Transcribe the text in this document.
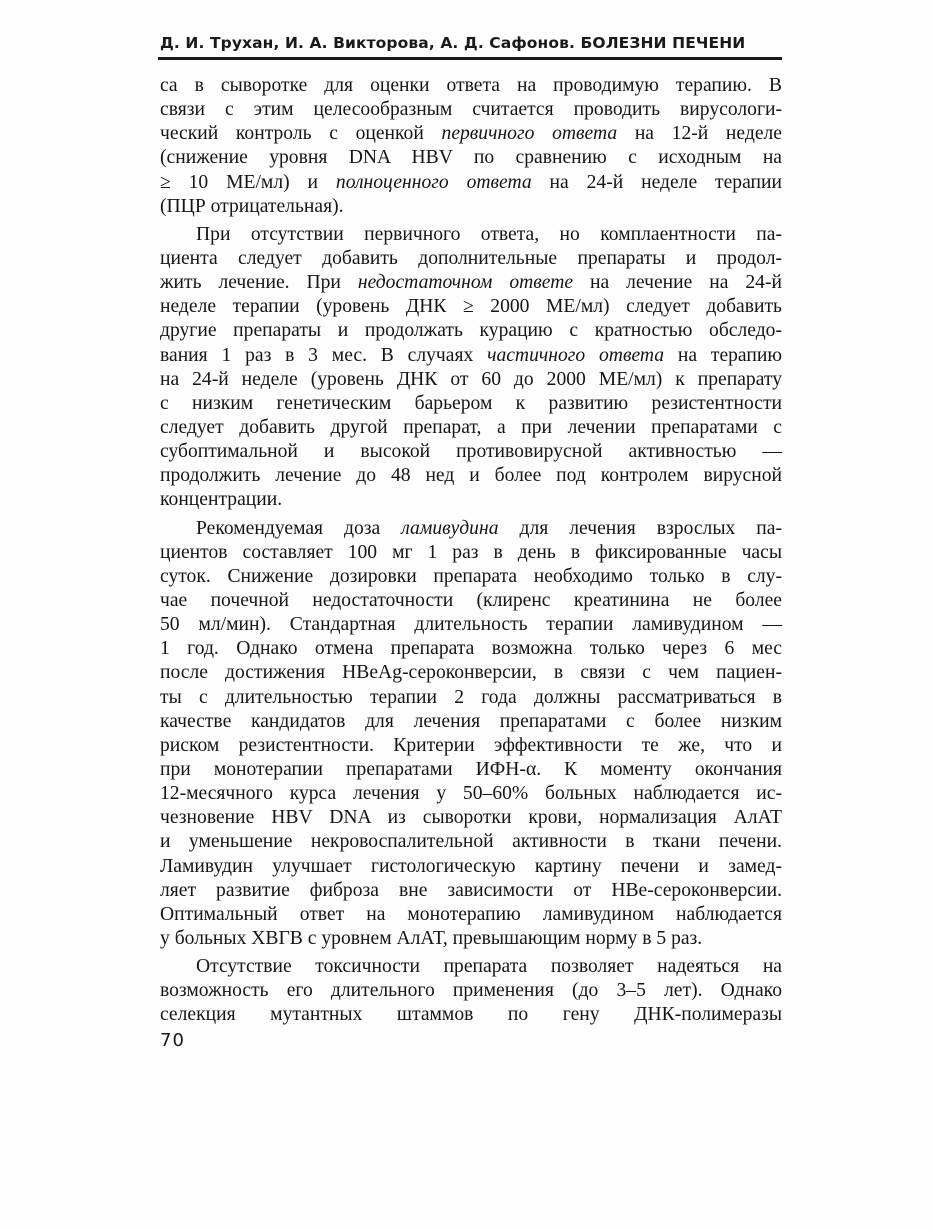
Д. И. Трухан, И. А. Викторова, А. Д. Сафонов. БОЛЕЗНИ ПЕЧЕНИ
са в сыворотке для оценки ответа на проводимую терапию. В
связи с этим целесообразным считается проводить вирусологи-
ческий контроль с оценкой первичного ответа на 12-й неделе
(снижение уровня DNA HBV по сравнению с исходным на
≥ 10 МЕ/мл) и полноценного ответа на 24-й неделе терапии
(ПЦР отрицательная).
При отсутствии первичного ответа, но комплаентности па-
циента следует добавить дополнительные препараты и продол-
жить лечение. При недостаточном ответе на лечение на 24-й
неделе терапии (уровень ДНК ≥ 2000 МЕ/мл) следует добавить
другие препараты и продолжать курацию с кратностью обследо-
вания 1 раз в 3 мес. В случаях частичного ответа на терапию
на 24-й неделе (уровень ДНК от 60 до 2000 МЕ/мл) к препарату
с низким генетическим барьером к развитию резистентности
следует добавить другой препарат, а при лечении препаратами с
субоптимальной и высокой противовирусной активностью —
продолжить лечение до 48 нед и более под контролем вирусной
концентрации.
Рекомендуемая доза ламивудина для лечения взрослых па-
циентов составляет 100 мг 1 раз в день в фиксированные часы
суток. Снижение дозировки препарата необходимо только в слу-
чае почечной недостаточности (клиренс креатинина не более
50 мл/мин). Стандартная длительность терапии ламивудином —
1 год. Однако отмена препарата возможна только через 6 мес
после достижения HBeAg-сероконверсии, в связи с чем пациен-
ты с длительностью терапии 2 года должны рассматриваться в
качестве кандидатов для лечения препаратами с более низким
риском резистентности. Критерии эффективности те же, что и
при монотерапии препаратами ИФН-α. К моменту окончания
12-месячного курса лечения у 50–60% больных наблюдается ис-
чезновение HBV DNA из сыворотки крови, нормализация АлАТ
и уменьшение некровоспалительной активности в ткани печени.
Ламивудин улучшает гистологическую картину печени и замед-
ляет развитие фиброза вне зависимости от HBe-сероконверсии.
Оптимальный ответ на монотерапию ламивудином наблюдается
у больных ХВГВ с уровнем АлАТ, превышающим норму в 5 раз.
Отсутствие токсичности препарата позволяет надеяться на
возможность его длительного применения (до 3–5 лет). Однако
селекция мутантных штаммов по гену ДНК-полимеразы
70
